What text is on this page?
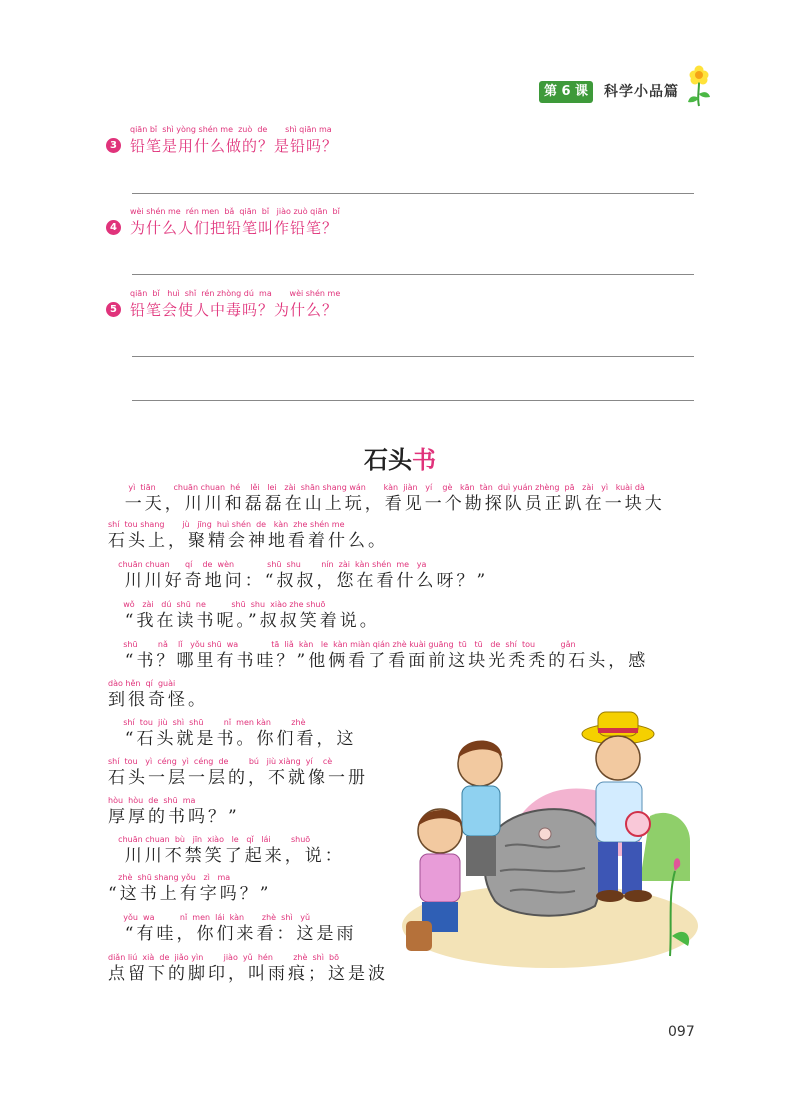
第 6 课	科学小品篇
qiān bǐ  shì yòng shén me  zuò  de       shì qiān ma
3 铅笔是用什么做的？是铅吗？
wèi shén me  rén men  bǎ  qiān  bǐ   jiào zuò qiān  bǐ
4 为什么人们把铅笔叫作铅笔？
qiān  bǐ   huì  shǐ  rén zhòng dú  ma       wèi shén me
5 铅笔会使人中毒吗？为什么？
石头书
yì  tiān       chuān chuan  hé    lěi   lei   zài  shān shang wán       kàn  jiàn   yí    gè   kān  tàn  duì yuán zhèng  pā   zài   yì   kuài dà
一天，川川和磊磊在山上玩，看见一个勘探队员正趴在一块大
shí  tou shang       jù   jīng  huì shén  de   kàn  zhe shén me
石头上，聚精会神地看着什么。
chuān chuan      qí    de  wèn             shū  shu        nín  zài  kàn shén  me   ya
川川好奇地问：“叔叔，您在看什么呀？”
wǒ   zài   dú  shū  ne          shū  shu  xiào zhe shuō
“我在读书呢。”叔叔笑着说。
shū        nǎ    lǐ   yǒu shū  wa             tā  liǎ  kàn   le  kàn miàn qián zhè kuài guāng  tū   tū   de  shí  tou          gǎn
“书？哪里有书哇？”他俩看了看面前这块光秃秃的石头，感
dào hěn  qí  guài
到很奇怪。
shí  tou  jiù  shì  shū        nǐ  men kàn        zhè
“石头就是书。你们看，这
shí  tou   yì  céng  yì  céng  de        bú   jiù xiàng  yí    cè
石头一层一层的，不就像一册
hòu  hòu  de  shū  ma
厚厚的书吗？”
chuān chuan  bù   jīn  xiào   le   qǐ   lái        shuō
川川不禁笑了起来，说：
zhè  shū shang yǒu   zì   ma
“这书上有字吗？”
yǒu  wa          nǐ  men  lái  kàn       zhè  shì   yǔ
“有哇，你们来看：这是雨
diǎn liú  xià  de  jiǎo yìn        jiào  yǔ  hén        zhè  shì  bō
点留下的脚印，叫雨痕；这是波
097
